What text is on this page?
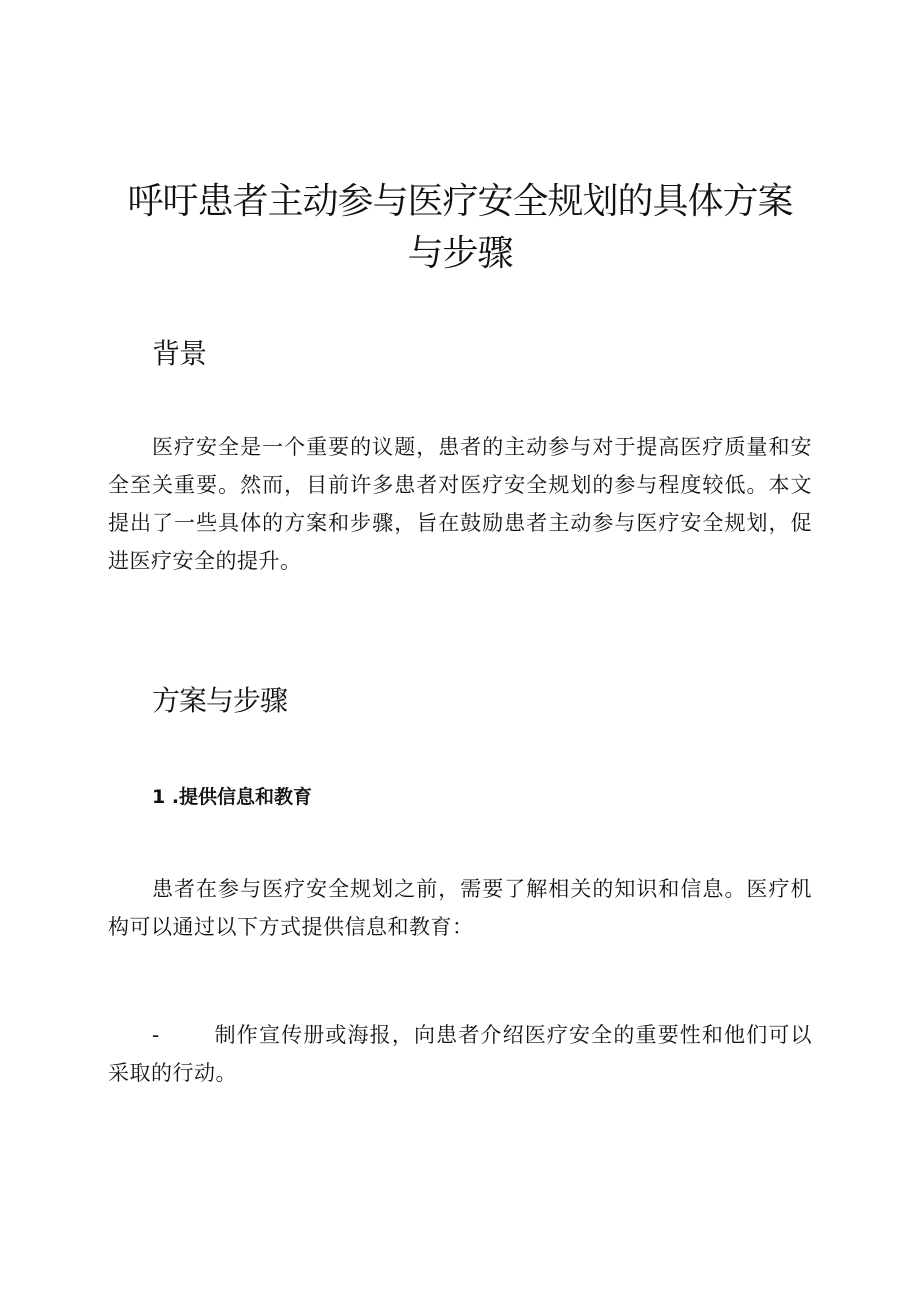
呼吁患者主动参与医疗安全规划的具体方案与步骤
背景

医疗安全是一个重要的议题，患者的主动参与对于提高医疗质量和安全至关重要。然而，目前许多患者对医疗安全规划的参与程度较低。本文提出了一些具体的方案和步骤，旨在鼓励患者主动参与医疗安全规划，促进医疗安全的提升。

方案与步骤
1 .提供信息和教育

患者在参与医疗安全规划之前，需要了解相关的知识和信息。医疗机构可以通过以下方式提供信息和教育：

-	制作宣传册或海报，向患者介绍医疗安全的重要性和他们可以采取的行动。
